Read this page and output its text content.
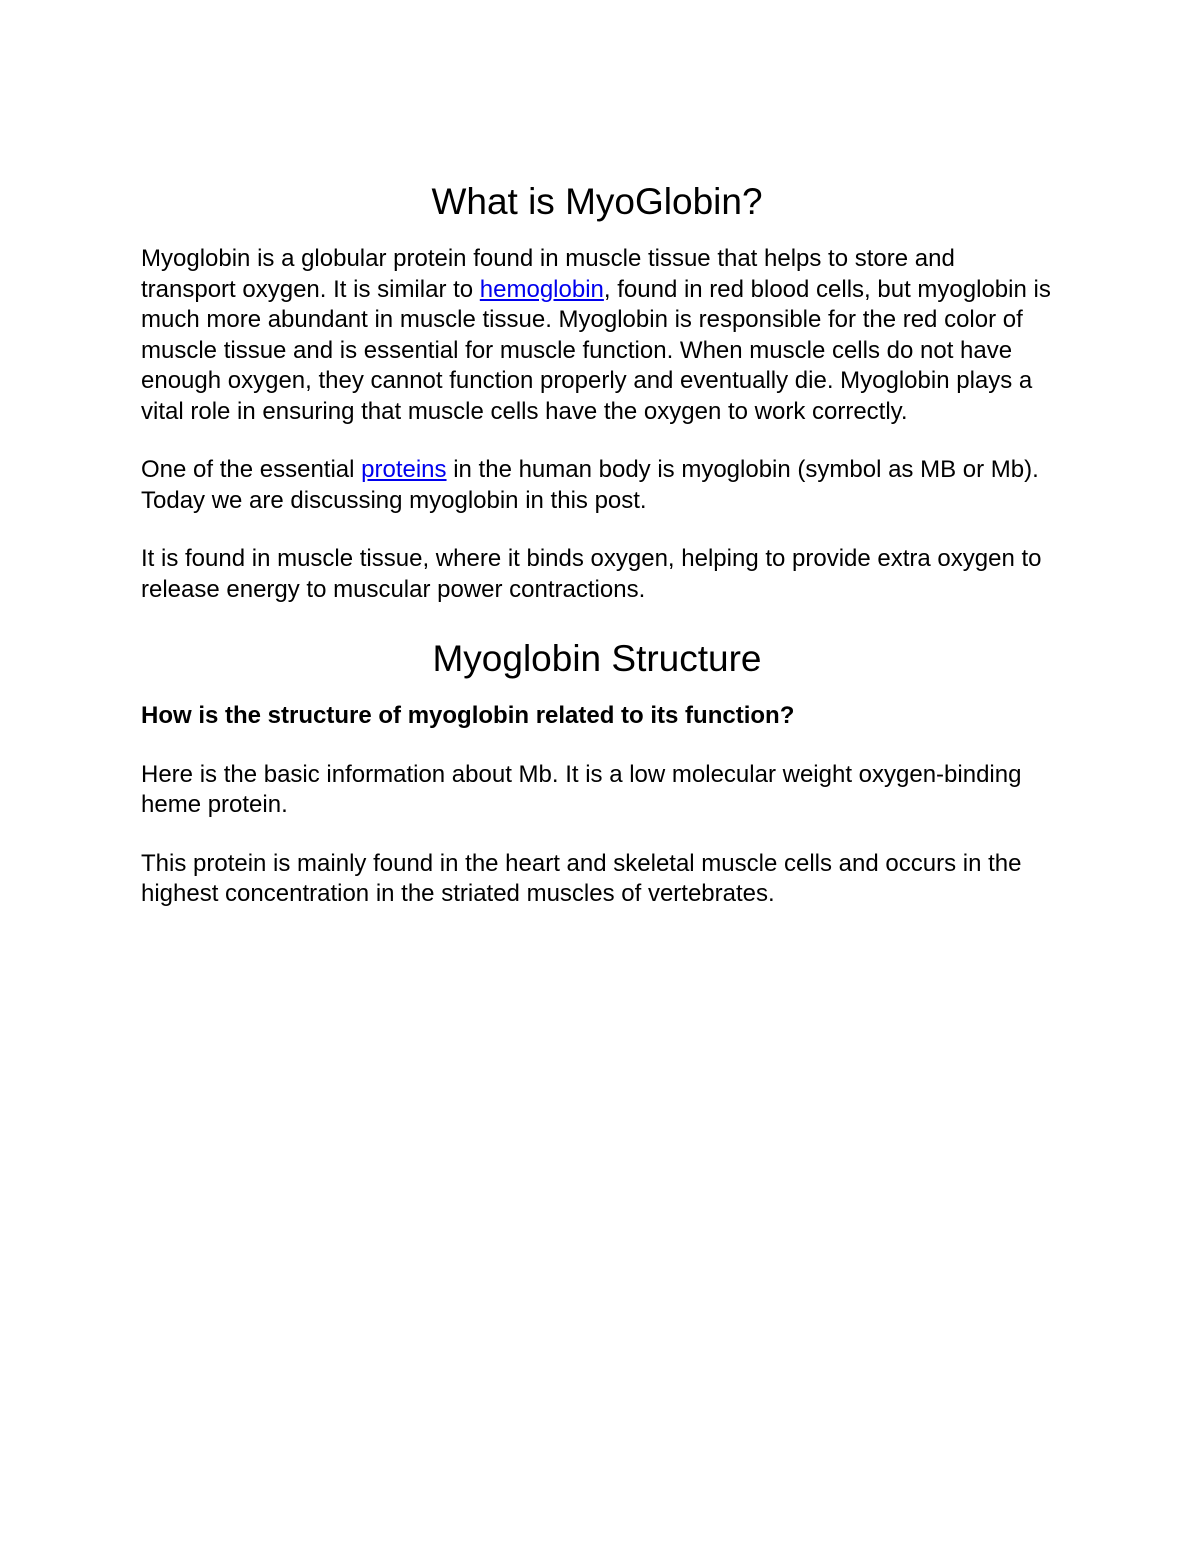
What is MyoGlobin?

Myoglobin is a globular protein found in muscle tissue that helps to store and transport oxygen. It is similar to hemoglobin, found in red blood cells, but myoglobin is much more abundant in muscle tissue. Myoglobin is responsible for the red color of muscle tissue and is essential for muscle function. When muscle cells do not have enough oxygen, they cannot function properly and eventually die. Myoglobin plays a vital role in ensuring that muscle cells have the oxygen to work correctly.

One of the essential proteins in the human body is myoglobin (symbol as MB or Mb). Today we are discussing myoglobin in this post.

It is found in muscle tissue, where it binds oxygen, helping to provide extra oxygen to release energy to muscular power contractions.

Myoglobin Structure

How is the structure of myoglobin related to its function?

Here is the basic information about Mb. It is a low molecular weight oxygen-binding heme protein.

This protein is mainly found in the heart and skeletal muscle cells and occurs in the highest concentration in the striated muscles of vertebrates.
